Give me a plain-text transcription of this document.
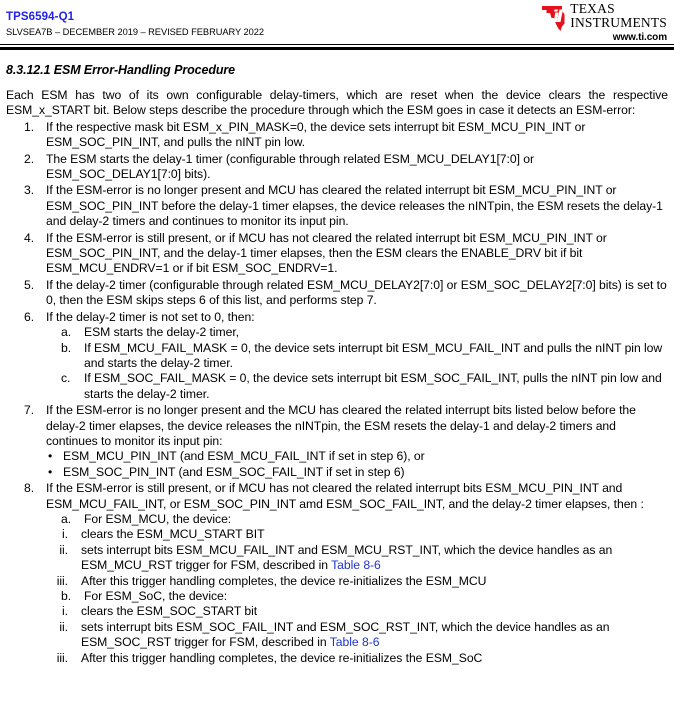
TPS6594-Q1
SLVSEA7B – DECEMBER 2019 – REVISED FEBRUARY 2022
TEXAS
INSTRUMENTS
www.ti.com
8.3.12.1 ESM Error-Handling Procedure

Each ESM has two of its own configurable delay-timers, which are reset when the device clears the respective ESM_x_START bit. Below steps describe the procedure through which the ESM goes in case it detects an ESM-error:

1. If the respective mask bit ESM_x_PIN_MASK=0, the device sets interrupt bit ESM_MCU_PIN_INT or ESM_SOC_PIN_INT, and pulls the nINT pin low.
2. The ESM starts the delay-1 timer (configurable through related ESM_MCU_DELAY1[7:0] or ESM_SOC_DELAY1[7:0] bits).
3. If the ESM-error is no longer present and MCU has cleared the related interrupt bit ESM_MCU_PIN_INT or ESM_SOC_PIN_INT before the delay-1 timer elapses, the device releases the nINTpin, the ESM resets the delay-1 and delay-2 timers and continues to monitor its input pin.
4. If the ESM-error is still present, or if MCU has not cleared the related interrupt bit ESM_MCU_PIN_INT or ESM_SOC_PIN_INT, and the delay-1 timer elapses, then the ESM clears the ENABLE_DRV bit if bit ESM_MCU_ENDRV=1 or if bit ESM_SOC_ENDRV=1.
5. If the delay-2 timer (configurable through related ESM_MCU_DELAY2[7:0] or ESM_SOC_DELAY2[7:0] bits) is set to 0, then the ESM skips steps 6 of this list, and performs step 7.
6. If the delay-2 timer is not set to 0, then:
a.	ESM starts the delay-2 timer,
b.	If ESM_MCU_FAIL_MASK = 0, the device sets interrupt bit ESM_MCU_FAIL_INT and pulls the nINT pin low and starts the delay-2 timer.
c.	If ESM_SOC_FAIL_MASK = 0, the device sets interrupt bit ESM_SOC_FAIL_INT, pulls the nINT pin low and starts the delay-2 timer.
7. If the ESM-error is no longer present and the MCU has cleared the related interrupt bits listed below before the delay-2 timer elapses, the device releases the nINTpin, the ESM resets the delay-1 and delay-2 timers and continues to monitor its input pin:
• ESM_MCU_PIN_INT (and ESM_MCU_FAIL_INT if set in step 6), or
• ESM_SOC_PIN_INT (and ESM_SOC_FAIL_INT if set in step 6)
8. If the ESM-error is still present, or if MCU has not cleared the related interrupt bits ESM_MCU_PIN_INT and ESM_MCU_FAIL_INT, or ESM_SOC_PIN_INT amd ESM_SOC_FAIL_INT, and the delay-2 timer elapses, then :
a.	For ESM_MCU, the device:
i. clears the ESM_MCU_START BIT
ii. sets interrupt bits ESM_MCU_FAIL_INT and ESM_MCU_RST_INT, which the device handles as an ESM_MCU_RST trigger for FSM, described in Table 8-6
iii. After this trigger handling completes, the device re-initializes the ESM_MCU
b.	For ESM_SoC, the device:
i. clears the ESM_SOC_START bit
ii. sets interrupt bits ESM_SOC_FAIL_INT and ESM_SOC_RST_INT, which the device handles as an ESM_SOC_RST trigger for FSM, described in Table 8-6
iii. After this trigger handling completes, the device re-initializes the ESM_SoC
